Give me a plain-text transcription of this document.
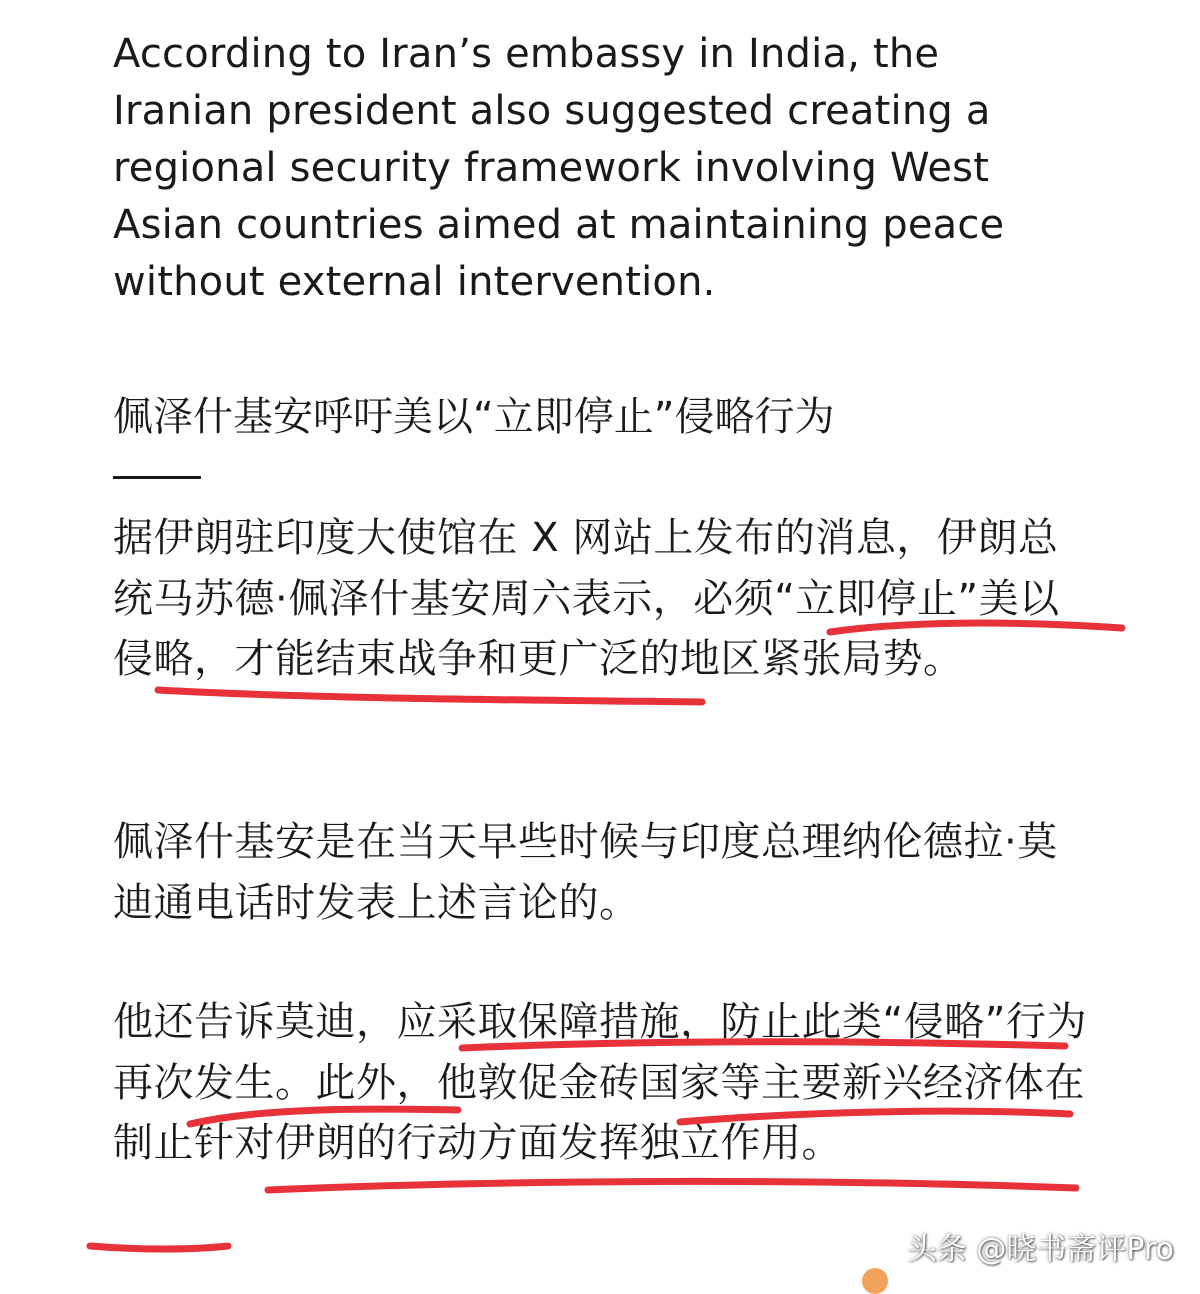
According to Iran’s embassy in India, the Iranian president also suggested creating a regional security framework involving West Asian countries aimed at maintaining peace without external intervention.

佩泽什基安呼吁美以“立即停止”侵略行为

据伊朗驻印度大使馆在 X 网站上发布的消息，伊朗总统马苏德·佩泽什基安周六表示，必须“立即停止”美以侵略，才能结束战争和更广泛的地区紧张局势。

佩泽什基安是在当天早些时候与印度总理纳伦德拉·莫迪通电话时发表上述言论的。

他还告诉莫迪，应采取保障措施，防止此类“侵略”行为再次发生。此外，他敦促金砖国家等主要新兴经济体在制止针对伊朗的行动方面发挥独立作用。

头条 @晓书斋评Pro
